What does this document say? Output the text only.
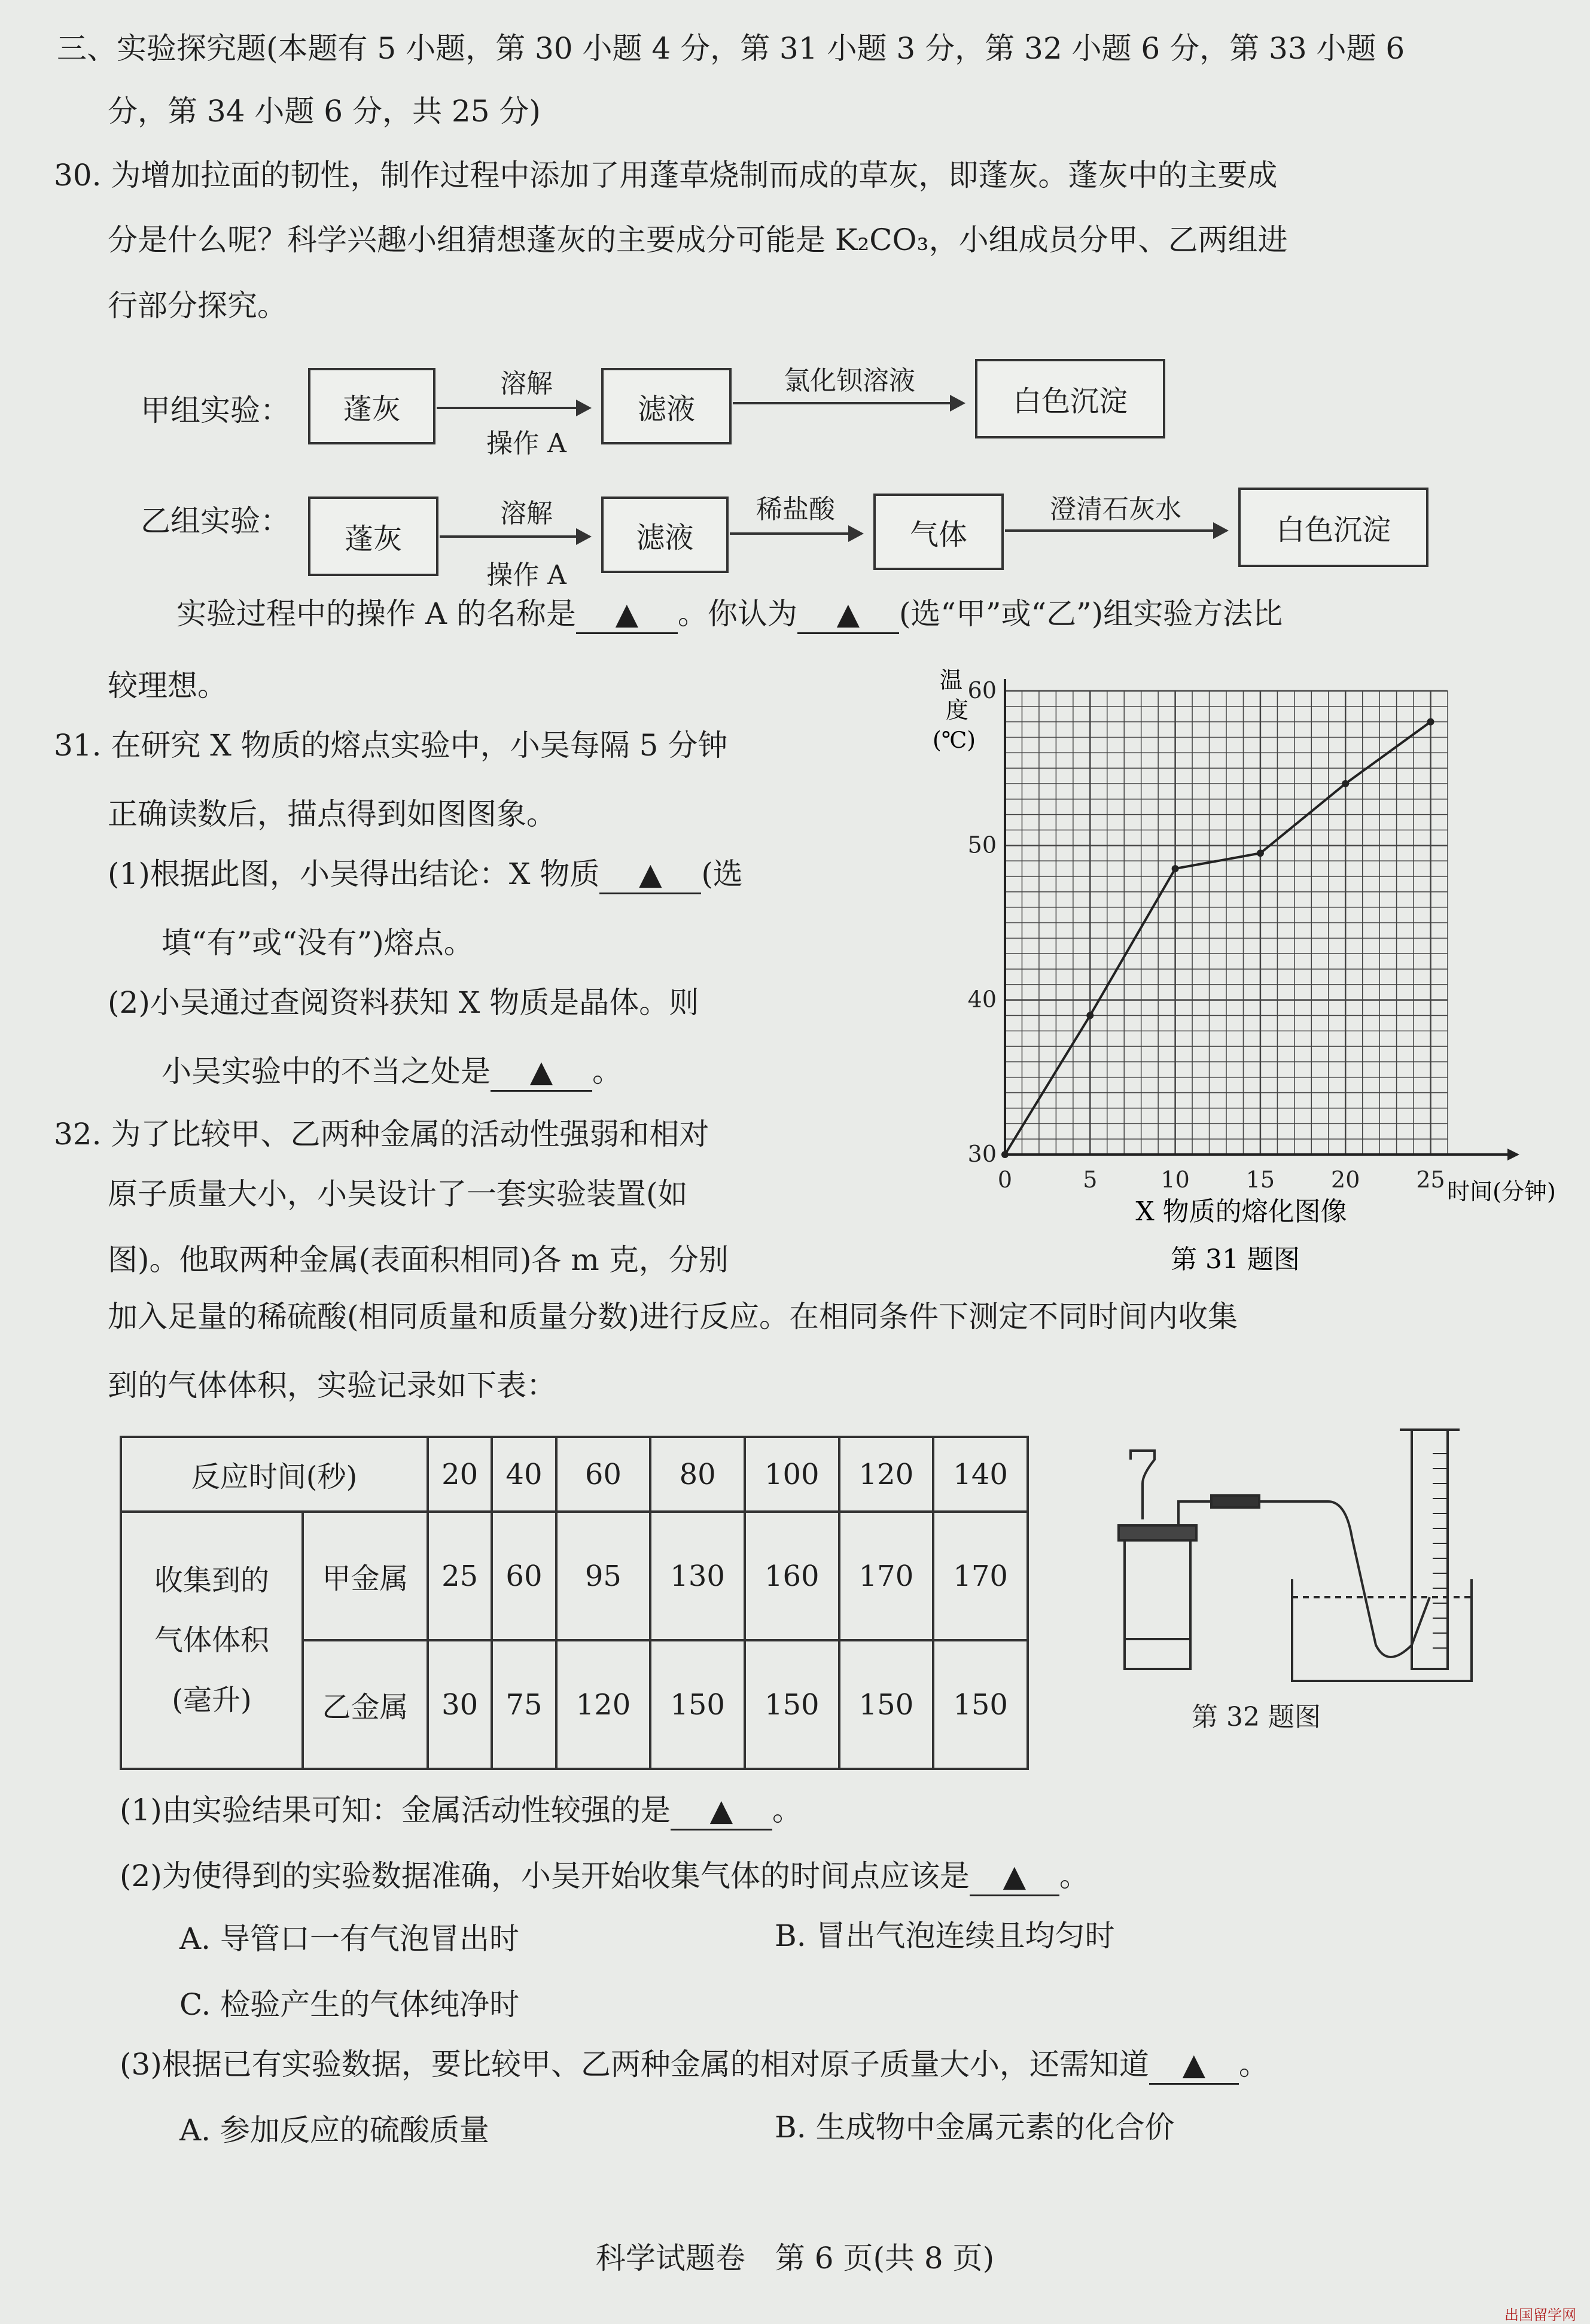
三、实验探究题(本题有 5 小题，第 30 小题 4 分，第 31 小题 3 分，第 32 小题 6 分，第 33 小题 6
分，第 34 小题 6 分，共 25 分)
30. 为增加拉面的韧性，制作过程中添加了用蓬草烧制而成的草灰，即蓬灰。蓬灰中的主要成
分是什么呢？科学兴趣小组猜想蓬灰的主要成分可能是 K₂CO₃，小组成员分甲、乙两组进
行部分探究。
甲组实验： 蓬灰
溶解
操作 A
滤液
氯化钡溶液
白色沉淀
乙组实验：
蓬灰
溶解
操作 A
滤液
稀盐酸
气体
澄清石灰水
白色沉淀
实验过程中的操作 A 的名称是 ▲ 。你认为 ▲ (选“甲”或“乙”)组实验方法比
较理想。
31. 在研究 X 物质的熔点实验中，小吴每隔 5 分钟
正确读数后，描点得到如图图象。
(1)根据此图，小吴得出结论：X 物质 ▲ (选
填“有”或“没有”)熔点。
(2)小吴通过查阅资料获知 X 物质是晶体。则
小吴实验中的不当之处是 ▲ 。
0	5	10 15 20 25
30
40
50
60
温
度
(℃)
时间(分钟)
X 物质的熔化图像
第 31 题图
32. 为了比较甲、乙两种金属的活动性强弱和相对
原子质量大小，小吴设计了一套实验装置(如
图)。他取两种金属(表面积相同)各 m 克，分别
加入足量的稀硫酸(相同质量和质量分数)进行反应。在相同条件下测定不同时间内收集
到的气体体积，实验记录如下表：
反应时间(秒)		20	40	60	80	100	120	140

收集到的
气体体积
(毫升)	甲金属	25	60	95	130	160	170	170
	乙金属	30	75	120	150	150	150	150	第 32 题图
(1)由实验结果可知：金属活动性较强的是 ▲ 。
(2)为使得到的实验数据准确，小吴开始收集气体的时间点应该是 ▲ 。
A. 导管口一有气泡冒出时	B. 冒出气泡连续且均匀时
C. 检验产生的气体纯净时
(3)根据已有实验数据，要比较甲、乙两种金属的相对原子质量大小，还需知道 ▲ 。
A. 参加反应的硫酸质量	B. 生成物中金属元素的化合价
科学试题卷　第 6 页(共 8 页)
出国留学网
